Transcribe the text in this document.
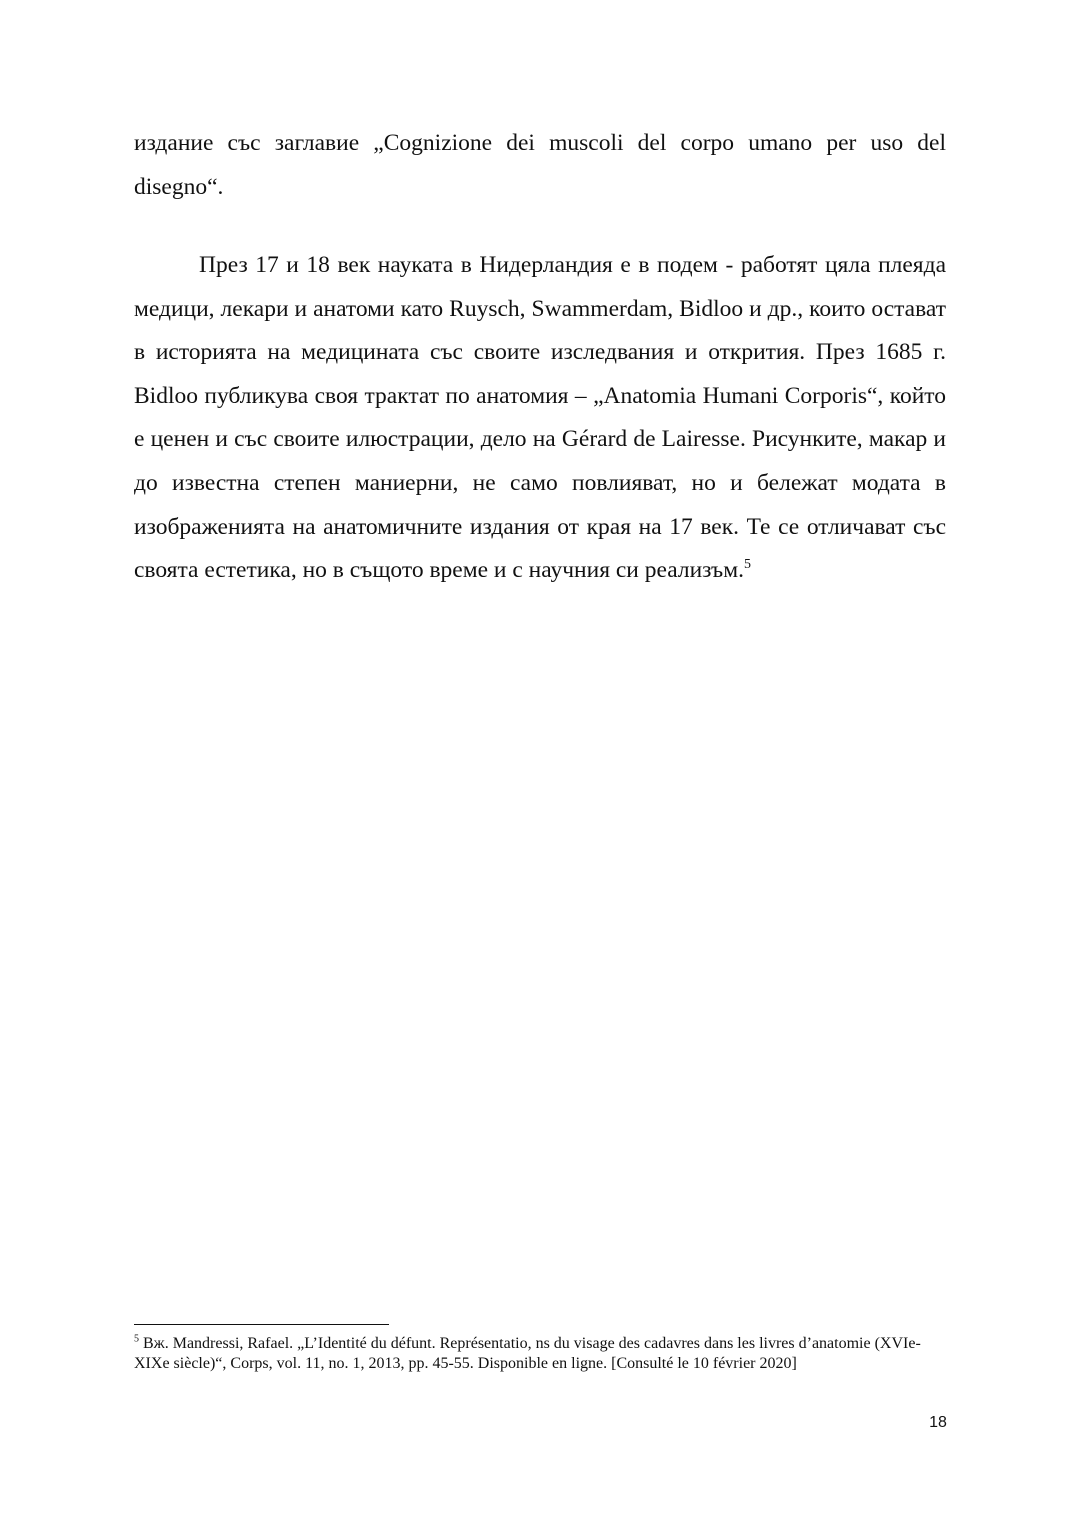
издание със заглавие „Cognizione dei muscoli del corpo umano per uso del disegno“.

През 17 и 18 век науката в Нидерландия е в подем - работят цяла плеяда медици, лекари и анатоми като Ruysch, Swammerdam, Bidloo и др., които остават в историята на медицината със своите изследвания и открития. През 1685 г. Bidloo публикува своя трактат по анатомия – „Anatomia Humani Corporis“, който е ценен и със своите илюстрации, дело на Gérard de Lairesse. Рисунките, макар и до известна степен маниерни, не само повлияват, но и бележат модата в изображенията на анатомичните издания от края на 17 век. Те се отличават със своята естетика, но в същото време и с научния си реализъм.$^5$

$^5$ Вж. Mandressi, Rafael. „L’Identité du défunt. Représentatio, ns du visage des cadavres dans les livres d’anatomie (XVIe-XIXe siècle)“, Corps, vol. 11, no. 1, 2013, pp. 45-55. Disponible en ligne. [Consulté le 10 février 2020]

18
